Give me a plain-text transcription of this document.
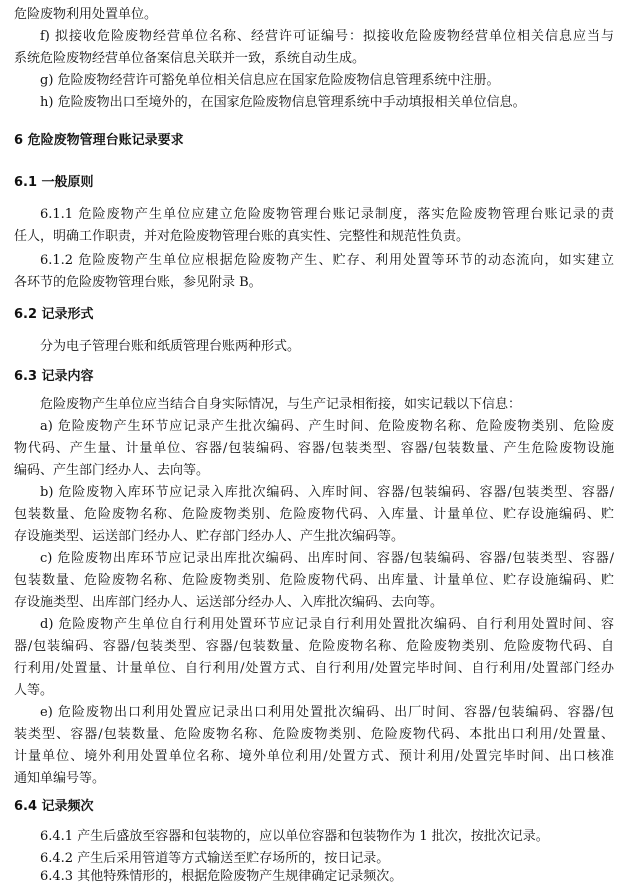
危险废物利用处置单位。
f) 拟接收危险废物经营单位名称、经营许可证编号：拟接收危险废物经营单位相关信息应当与
系统危险废物经营单位备案信息关联并一致，系统自动生成。
g) 危险废物经营许可豁免单位相关信息应在国家危险废物信息管理系统中注册。
h) 危险废物出口至境外的，在国家危险废物信息管理系统中手动填报相关单位信息。
6 危险废物管理台账记录要求
6.1 一般原则
6.1.1 危险废物产生单位应建立危险废物管理台账记录制度，落实危险废物管理台账记录的责
任人，明确工作职责，并对危险废物管理台账的真实性、完整性和规范性负责。
6.1.2 危险废物产生单位应根据危险废物产生、贮存、利用处置等环节的动态流向，如实建立
各环节的危险废物管理台账，参见附录 B。
6.2 记录形式
分为电子管理台账和纸质管理台账两种形式。
6.3 记录内容
危险废物产生单位应当结合自身实际情况，与生产记录相衔接，如实记载以下信息：
a) 危险废物产生环节应记录产生批次编码、产生时间、危险废物名称、危险废物类别、危险废
物代码、产生量、计量单位、容器/包装编码、容器/包装类型、容器/包装数量、产生危险废物设施
编码、产生部门经办人、去向等。
b) 危险废物入库环节应记录入库批次编码、入库时间、容器/包装编码、容器/包装类型、容器/
包装数量、危险废物名称、危险废物类别、危险废物代码、入库量、计量单位、贮存设施编码、贮
存设施类型、运送部门经办人、贮存部门经办人、产生批次编码等。
c) 危险废物出库环节应记录出库批次编码、出库时间、容器/包装编码、容器/包装类型、容器/
包装数量、危险废物名称、危险废物类别、危险废物代码、出库量、计量单位、贮存设施编码、贮
存设施类型、出库部门经办人、运送部分经办人、入库批次编码、去向等。
d) 危险废物产生单位自行利用处置环节应记录自行利用处置批次编码、自行利用处置时间、容
器/包装编码、容器/包装类型、容器/包装数量、危险废物名称、危险废物类别、危险废物代码、自
行利用/处置量、计量单位、自行利用/处置方式、自行利用/处置完毕时间、自行利用/处置部门经办
人等。
e) 危险废物出口利用处置应记录出口利用处置批次编码、出厂时间、容器/包装编码、容器/包
装类型、容器/包装数量、危险废物名称、危险废物类别、危险废物代码、本批出口利用/处置量、
计量单位、境外利用处置单位名称、境外单位利用/处置方式、预计利用/处置完毕时间、出口核准
通知单编号等。
6.4 记录频次
6.4.1 产生后盛放至容器和包装物的，应以单位容器和包装物作为 1 批次，按批次记录。
6.4.2 产生后采用管道等方式输送至贮存场所的，按日记录。
6.4.3 其他特殊情形的，根据危险废物产生规律确定记录频次。
